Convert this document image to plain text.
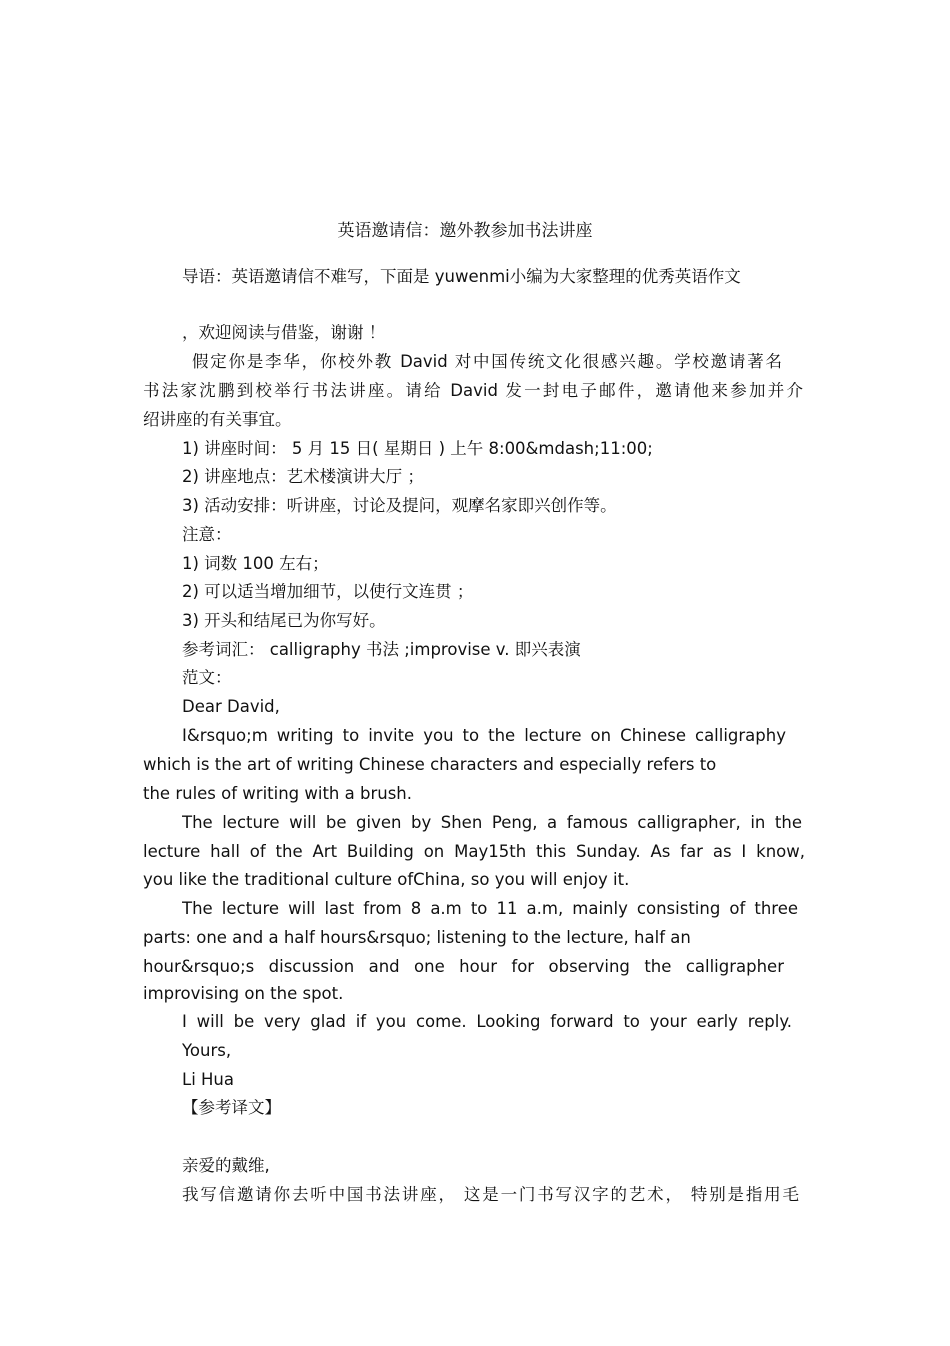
英语邀请信：邀外教参加书法讲座
导语：英语邀请信不难写，下面是 yuwenmi小编为大家整理的优秀英语作文
，欢迎阅读与借鉴，谢谢 ！
假定你是李华，你校外教 David 对中国传统文化很感兴趣。学校邀请著名
书法家沈鹏到校举行书法讲座。请给 David 发一封电子邮件，邀请他来参加并介
绍讲座的有关事宜。
1) 讲座时间： 5 月 15 日( 星期日 ) 上午 8:00&mdash;11:00;
2) 讲座地点：艺术楼演讲大厅 ；
3) 活动安排：听讲座，讨论及提问，观摩名家即兴创作等。
注意：
1) 词数 100 左右；
2) 可以适当增加细节，以使行文连贯 ；
3) 开头和结尾已为你写好。
参考词汇： calligraphy 书法 ;improvise v. 即兴表演
范文：
Dear David,
I&rsquo;m writing to invite you to the lecture on Chinese calligraphy
which is the art of writing Chinese characters and especially refers to
the rules of writing with a brush.
The lecture will be given by Shen Peng, a famous calligrapher, in the
lecture hall of the Art Building on May15th this Sunday. As far as I know,
you like the traditional culture ofChina, so you will enjoy it.
The lecture will last from 8 a.m to 11 a.m, mainly consisting of three
parts: one and a half hours&rsquo; listening to the lecture, half an
hour&rsquo;s discussion and one hour for observing the calligrapher
improvising on the spot.
I will be very glad if you come. Looking forward to your early reply.
Yours,
Li Hua
【参考译文】
亲爱的戴维,
我写信邀请你去听中国书法讲座， 这是一门书写汉字的艺术， 特别是指用毛
